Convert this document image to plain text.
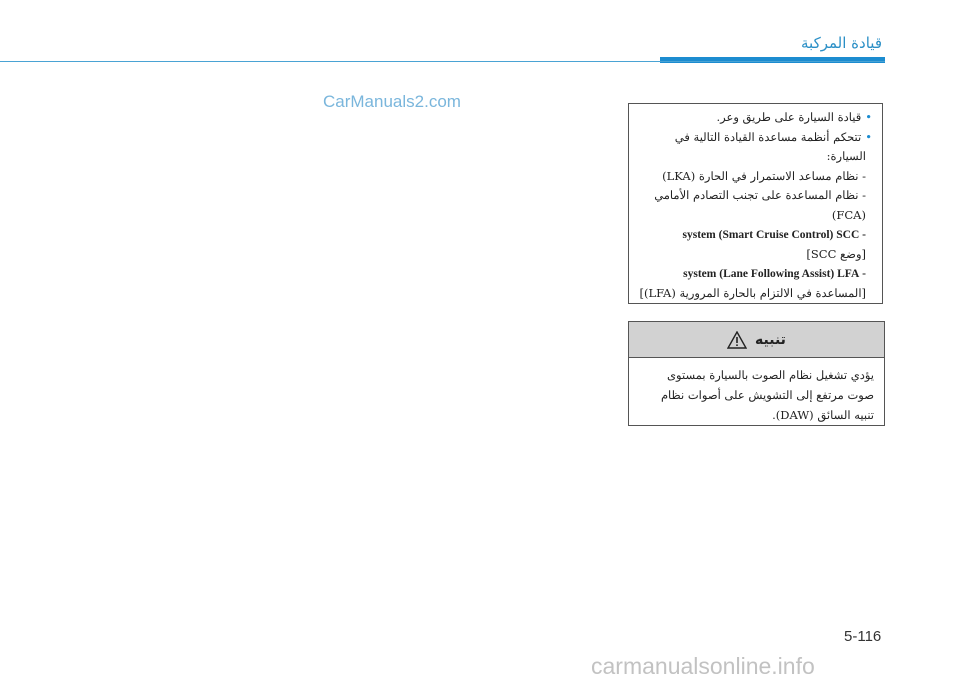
قيادة المركبة
CarManuals2.com
•قيادة السيارة على طريق وعر.
•تتحكم أنظمة مساعدة القيادة التالية في
السيارة:
- نظام مساعد الاستمرار في الحارة (LKA)
- نظام المساعدة على تجنب التصادم الأمامي
(FCA)
- system (Smart Cruise Control) SCC
[وضع SCC]
- system (Lane Following Assist) LFA
[المساعدة في الالتزام بالحارة المرورية (LFA)]
تنبيه
يؤدي تشغيل نظام الصوت بالسيارة بمستوى
صوت مرتفع إلى التشويش على أصوات نظام
تنبيه السائق (DAW).
5-116
carmanualsonline.info
